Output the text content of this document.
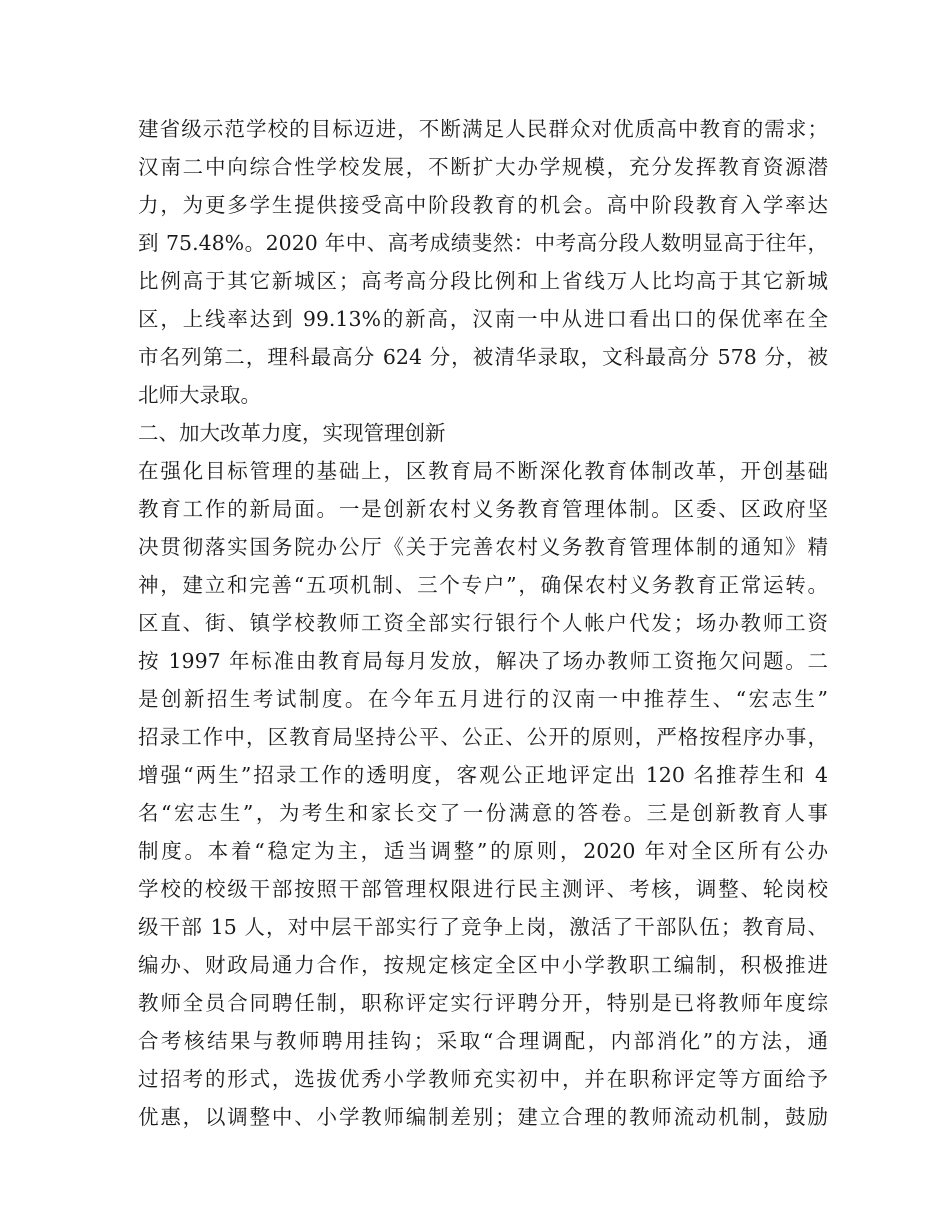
建省级示范学校的目标迈进，不断满足人民群众对优质高中教育的需求；
汉南二中向综合性学校发展，不断扩大办学规模，充分发挥教育资源潜
力，为更多学生提供接受高中阶段教育的机会。高中阶段教育入学率达
到 75.48%。2020 年中、高考成绩斐然：中考高分段人数明显高于往年，
比例高于其它新城区；高考高分段比例和上省线万人比均高于其它新城
区，上线率达到 99.13%的新高，汉南一中从进口看出口的保优率在全
市名列第二，理科最高分 624 分，被清华录取，文科最高分 578 分，被
北师大录取。
二、加大改革力度，实现管理创新
在强化目标管理的基础上，区教育局不断深化教育体制改革，开创基础
教育工作的新局面。一是创新农村义务教育管理体制。区委、区政府坚
决贯彻落实国务院办公厅《关于完善农村义务教育管理体制的通知》精
神，建立和完善“五项机制、三个专户”，确保农村义务教育正常运转。
区直、街、镇学校教师工资全部实行银行个人帐户代发；场办教师工资
按 1997 年标准由教育局每月发放，解决了场办教师工资拖欠问题。二
是创新招生考试制度。在今年五月进行的汉南一中推荐生、“宏志生”
招录工作中，区教育局坚持公平、公正、公开的原则，严格按程序办事，
增强“两生”招录工作的透明度，客观公正地评定出 120 名推荐生和 4
名“宏志生”，为考生和家长交了一份满意的答卷。三是创新教育人事
制度。本着“稳定为主，适当调整”的原则，2020 年对全区所有公办
学校的校级干部按照干部管理权限进行民主测评、考核，调整、轮岗校
级干部 15 人，对中层干部实行了竞争上岗，激活了干部队伍；教育局、
编办、财政局通力合作，按规定核定全区中小学教职工编制，积极推进
教师全员合同聘任制，职称评定实行评聘分开，特别是已将教师年度综
合考核结果与教师聘用挂钩；采取“合理调配，内部消化”的方法，通
过招考的形式，选拔优秀小学教师充实初中，并在职称评定等方面给予
优惠，以调整中、小学教师编制差别；建立合理的教师流动机制，鼓励
